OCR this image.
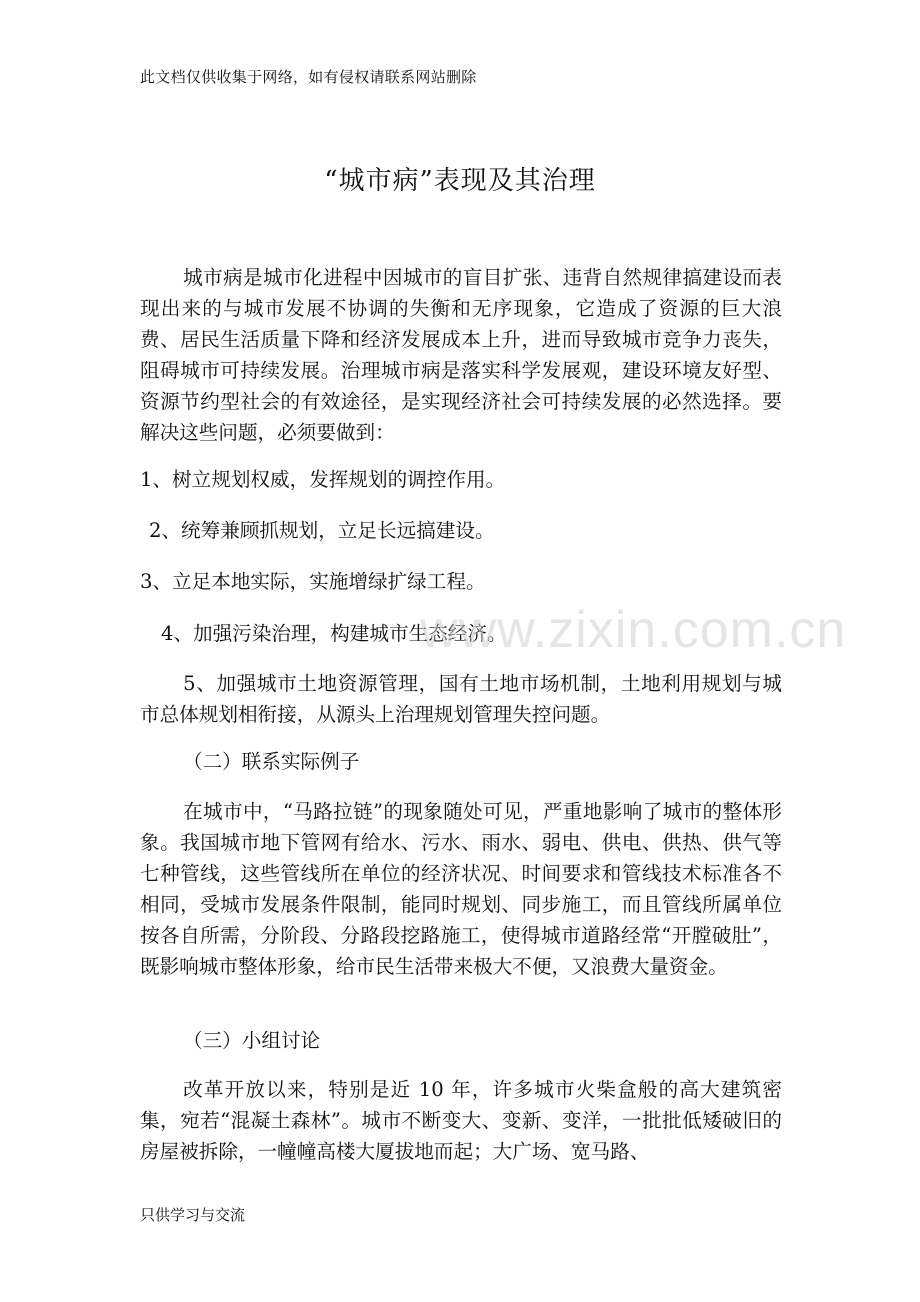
此文档仅供收集于网络，如有侵权请联系网站删除
“城市病”表现及其治理

城市病是城市化进程中因城市的盲目扩张、违背自然规律搞建设而表现出来的与城市发展不协调的失衡和无序现象，它造成了资源的巨大浪费、居民生活质量下降和经济发展成本上升，进而导致城市竞争力丧失，阻碍城市可持续发展。治理城市病是落实科学发展观，建设环境友好型、资源节约型社会的有效途径，是实现经济社会可持续发展的必然选择。要解决这些问题，必须要做到：

1、树立规划权威，发挥规划的调控作用。

2、统筹兼顾抓规划，立足长远搞建设。

3、立足本地实际，实施增绿扩绿工程。

4、加强污染治理，构建城市生态经济。

5、加强城市土地资源管理，国有土地市场机制，土地利用规划与城市总体规划相衔接，从源头上治理规划管理失控问题。

（二）联系实际例子

在城市中，“马路拉链”的现象随处可见，严重地影响了城市的整体形象。我国城市地下管网有给水、污水、雨水、弱电、供电、供热、供气等七种管线，这些管线所在单位的经济状况、时间要求和管线技术标准各不相同，受城市发展条件限制，能同时规划、同步施工，而且管线所属单位按各自所需，分阶段、分路段挖路施工，使得城市道路经常“开膛破肚”，既影响城市整体形象，给市民生活带来极大不便，又浪费大量资金。

（三）小组讨论

改革开放以来，特别是近 10 年，许多城市火柴盒般的高大建筑密集，宛若“混凝土森林”。城市不断变大、变新、变洋，一批批低矮破旧的房屋被拆除，一幢幢高楼大厦拔地而起；大广场、宽马路、

www.zixin.com.cn
只供学习与交流
